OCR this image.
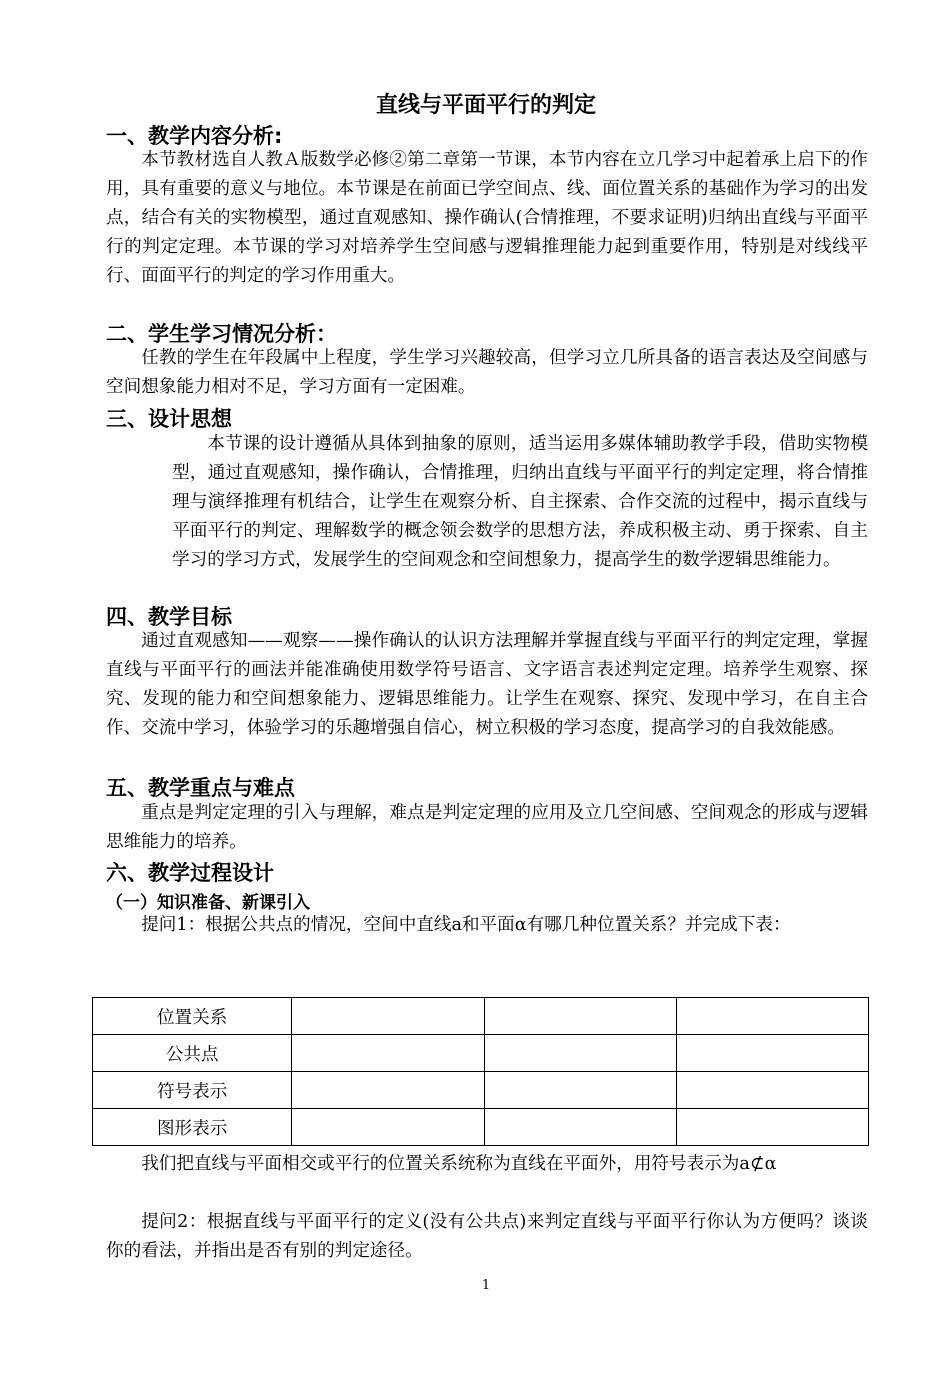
直线与平面平行的判定
一、教学内容分析:

本节教材选自人教Ａ版数学必修②第二章第一节课，本节内容在立几学习中起着承上启下的作用，具有重要的意义与地位。本节课是在前面已学空间点、线、面位置关系的基础作为学习的出发点，结合有关的实物模型，通过直观感知、操作确认(合情推理，不要求证明)归纳出直线与平面平行的判定定理。本节课的学习对培养学生空间感与逻辑推理能力起到重要作用，特别是对线线平行、面面平行的判定的学习作用重大。

二、学生学习情况分析：

任教的学生在年段属中上程度，学生学习兴趣较高，但学习立几所具备的语言表达及空间感与空间想象能力相对不足，学习方面有一定困难。

三、设计思想

本节课的设计遵循从具体到抽象的原则，适当运用多媒体辅助教学手段，借助实物模型，通过直观感知，操作确认，合情推理，归纳出直线与平面平行的判定定理，将合情推理与演绎推理有机结合，让学生在观察分析、自主探索、合作交流的过程中，揭示直线与平面平行的判定、理解数学的概念领会数学的思想方法，养成积极主动、勇于探索、自主学习的学习方式，发展学生的空间观念和空间想象力，提高学生的数学逻辑思维能力。

四、教学目标

通过直观感知——观察——操作确认的认识方法理解并掌握直线与平面平行的判定定理，掌握直线与平面平行的画法并能准确使用数学符号语言、文字语言表述判定定理。培养学生观察、探究、发现的能力和空间想象能力、逻辑思维能力。让学生在观察、探究、发现中学习，在自主合作、交流中学习，体验学习的乐趣增强自信心，树立积极的学习态度，提高学习的自我效能感。

五、教学重点与难点

重点是判定定理的引入与理解，难点是判定定理的应用及立几空间感、空间观念的形成与逻辑思维能力的培养。

六、教学过程设计
（一）知识准备、新课引入

提问1：根据公共点的情况，空间中直线a和平面α有哪几种位置关系？并完成下表：

位置关系			
公共点			
符号表示			
图形表示			

我们把直线与平面相交或平行的位置关系统称为直线在平面外，用符号表示为a⊄α

提问2：根据直线与平面平行的定义(没有公共点)来判定直线与平面平行你认为方便吗？谈谈你的看法，并指出是否有别的判定途径。

1
